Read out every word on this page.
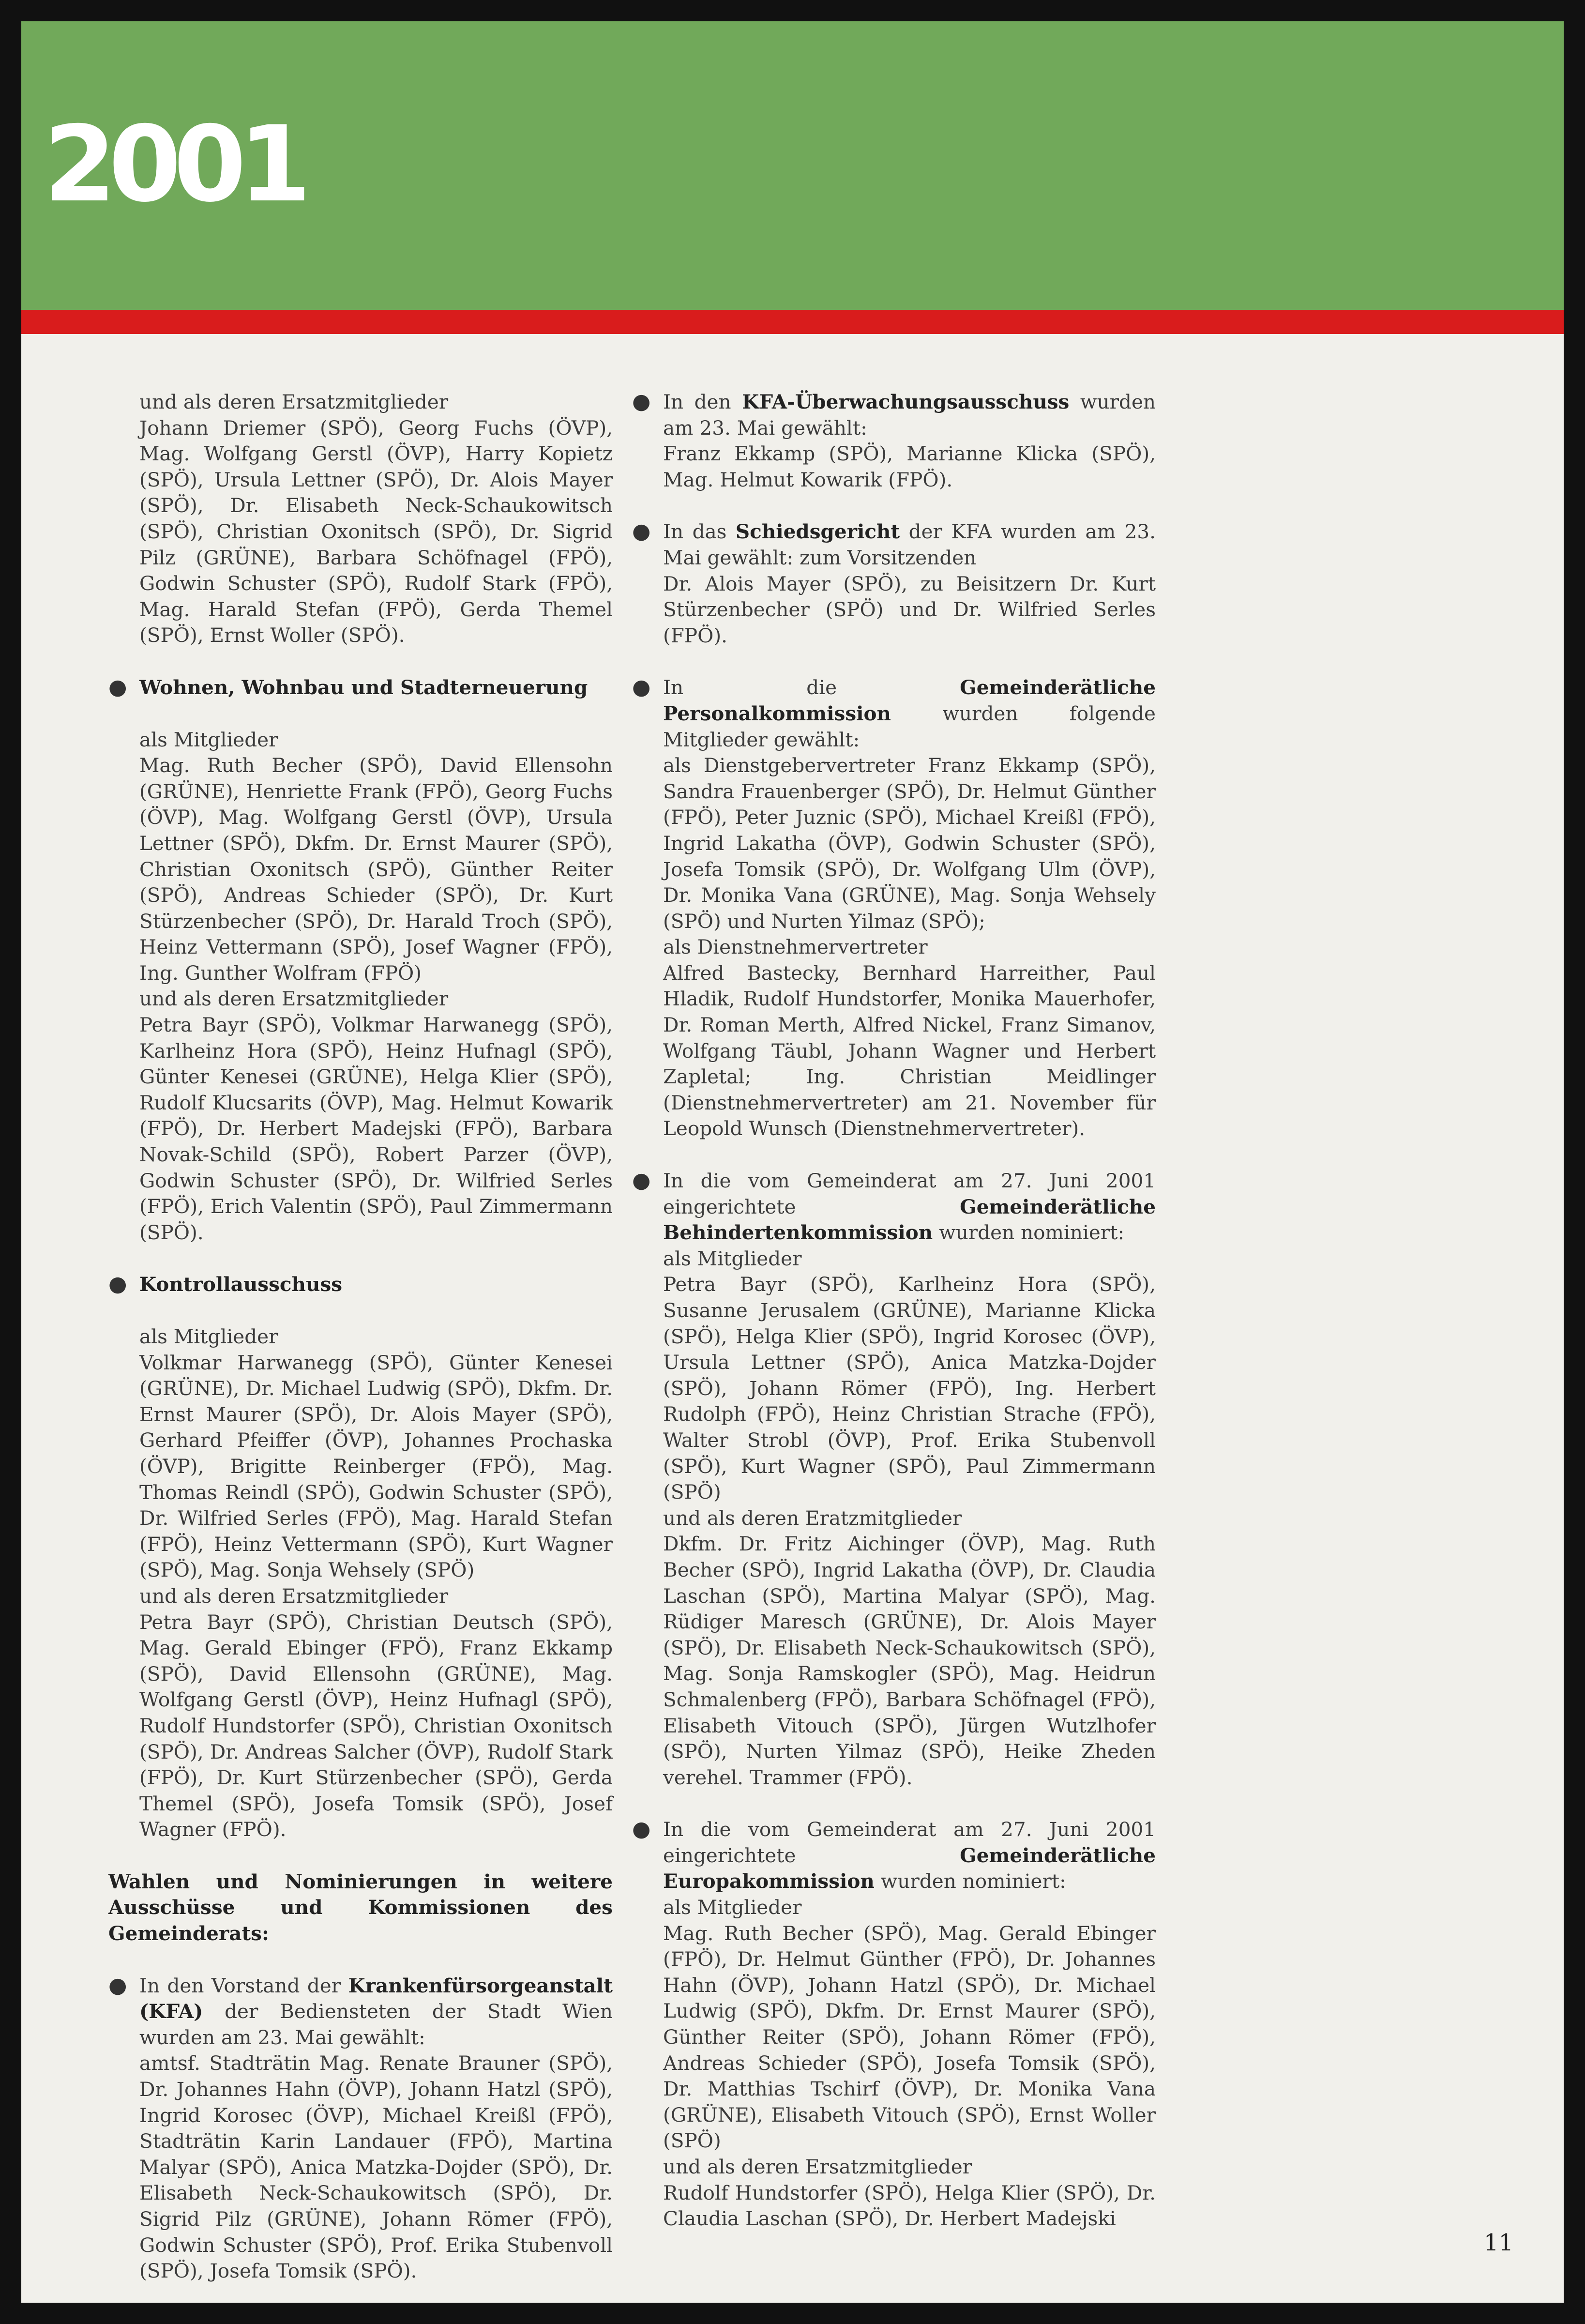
2001
und als deren Ersatzmitglieder
Johann Driemer (SPÖ), Georg Fuchs (ÖVP), Mag. Wolfgang Gerstl (ÖVP), Harry Kopietz (SPÖ), Ursula Lettner (SPÖ), Dr. Alois Mayer (SPÖ), Dr. Elisabeth Neck-Schaukowitsch (SPÖ), Christian Oxonitsch (SPÖ), Dr. Sigrid Pilz (GRÜNE), Barbara Schöfnagel (FPÖ), Godwin Schuster (SPÖ), Rudolf Stark (FPÖ), Mag. Harald Stefan (FPÖ), Gerda Themel (SPÖ), Ernst Woller (SPÖ).
● Wohnen, Wohnbau und Stadterneuerung
als Mitglieder
Mag. Ruth Becher (SPÖ), David Ellensohn (GRÜNE), Henriette Frank (FPÖ), Georg Fuchs (ÖVP), Mag. Wolfgang Gerstl (ÖVP), Ursula Lettner (SPÖ), Dkfm. Dr. Ernst Maurer (SPÖ), Christian Oxonitsch (SPÖ), Günther Reiter (SPÖ), Andreas Schieder (SPÖ), Dr. Kurt Stürzenbecher (SPÖ), Dr. Harald Troch (SPÖ), Heinz Vettermann (SPÖ), Josef Wagner (FPÖ), Ing. Gunther Wolfram (FPÖ)
und als deren Ersatzmitglieder
Petra Bayr (SPÖ), Volkmar Harwanegg (SPÖ), Karlheinz Hora (SPÖ), Heinz Hufnagl (SPÖ), Günter Kenesei (GRÜNE), Helga Klier (SPÖ), Rudolf Klucsarits (ÖVP), Mag. Helmut Kowarik (FPÖ), Dr. Herbert Madejski (FPÖ), Barbara Novak-Schild (SPÖ), Robert Parzer (ÖVP), Godwin Schuster (SPÖ), Dr. Wilfried Serles (FPÖ), Erich Valentin (SPÖ), Paul Zimmermann (SPÖ).
● Kontrollausschuss
als Mitglieder
Volkmar Harwanegg (SPÖ), Günter Kenesei (GRÜNE), Dr. Michael Ludwig (SPÖ), Dkfm. Dr. Ernst Maurer (SPÖ), Dr. Alois Mayer (SPÖ), Gerhard Pfeiffer (ÖVP), Johannes Prochaska (ÖVP), Brigitte Reinberger (FPÖ), Mag. Thomas Reindl (SPÖ), Godwin Schuster (SPÖ), Dr. Wilfried Serles (FPÖ), Mag. Harald Stefan (FPÖ), Heinz Vettermann (SPÖ), Kurt Wagner (SPÖ), Mag. Sonja Wehsely (SPÖ)
und als deren Ersatzmitglieder
Petra Bayr (SPÖ), Christian Deutsch (SPÖ), Mag. Gerald Ebinger (FPÖ), Franz Ekkamp (SPÖ), David Ellensohn (GRÜNE), Mag. Wolfgang Gerstl (ÖVP), Heinz Hufnagl (SPÖ), Rudolf Hundstorfer (SPÖ), Christian Oxonitsch (SPÖ), Dr. Andreas Salcher (ÖVP), Rudolf Stark (FPÖ), Dr. Kurt Stürzenbecher (SPÖ), Gerda Themel (SPÖ), Josefa Tomsik (SPÖ), Josef Wagner (FPÖ).
Wahlen und Nominierungen in weitere Ausschüsse und Kommissionen des Gemeinderats:
● In den Vorstand der Krankenfürsorgeanstalt (KFA) der Bediensteten der Stadt Wien wurden am 23. Mai gewählt:
amtsf. Stadträtin Mag. Renate Brauner (SPÖ), Dr. Johannes Hahn (ÖVP), Johann Hatzl (SPÖ), Ingrid Korosec (ÖVP), Michael Kreißl (FPÖ), Stadträtin Karin Landauer (FPÖ), Martina Malyar (SPÖ), Anica Matzka-Dojder (SPÖ), Dr. Elisabeth Neck-Schaukowitsch (SPÖ), Dr. Sigrid Pilz (GRÜNE), Johann Römer (FPÖ), Godwin Schuster (SPÖ), Prof. Erika Stubenvoll (SPÖ), Josefa Tomsik (SPÖ).
● In den KFA-Überwachungsausschuss wurden am 23. Mai gewählt:
Franz Ekkamp (SPÖ), Marianne Klicka (SPÖ), Mag. Helmut Kowarik (FPÖ).
● In das Schiedsgericht der KFA wurden am 23. Mai gewählt: zum Vorsitzenden
Dr. Alois Mayer (SPÖ), zu Beisitzern Dr. Kurt Stürzenbecher (SPÖ) und Dr. Wilfried Serles (FPÖ).
● In die Gemeinderätliche Personalkommission wurden folgende Mitglieder gewählt:
als Dienstgebervertreter Franz Ekkamp (SPÖ), Sandra Frauenberger (SPÖ), Dr. Helmut Günther (FPÖ), Peter Juznic (SPÖ), Michael Kreißl (FPÖ), Ingrid Lakatha (ÖVP), Godwin Schuster (SPÖ), Josefa Tomsik (SPÖ), Dr. Wolfgang Ulm (ÖVP), Dr. Monika Vana (GRÜNE), Mag. Sonja Wehsely (SPÖ) und Nurten Yilmaz (SPÖ);
als Dienstnehmervertreter
Alfred Bastecky, Bernhard Harreither, Paul Hladik, Rudolf Hundstorfer, Monika Mauerhofer, Dr. Roman Merth, Alfred Nickel, Franz Simanov, Wolfgang Täubl, Johann Wagner und Herbert Zapletal; Ing. Christian Meidlinger (Dienstnehmervertreter) am 21. November für Leopold Wunsch (Dienstnehmervertreter).
● In die vom Gemeinderat am 27. Juni 2001 eingerichtete Gemeinderätliche Behindertenkommission wurden nominiert:
als Mitglieder
Petra Bayr (SPÖ), Karlheinz Hora (SPÖ), Susanne Jerusalem (GRÜNE), Marianne Klicka (SPÖ), Helga Klier (SPÖ), Ingrid Korosec (ÖVP), Ursula Lettner (SPÖ), Anica Matzka-Dojder (SPÖ), Johann Römer (FPÖ), Ing. Herbert Rudolph (FPÖ), Heinz Christian Strache (FPÖ), Walter Strobl (ÖVP), Prof. Erika Stubenvoll (SPÖ), Kurt Wagner (SPÖ), Paul Zimmermann (SPÖ)
und als deren Eratzmitglieder
Dkfm. Dr. Fritz Aichinger (ÖVP), Mag. Ruth Becher (SPÖ), Ingrid Lakatha (ÖVP), Dr. Claudia Laschan (SPÖ), Martina Malyar (SPÖ), Mag. Rüdiger Maresch (GRÜNE), Dr. Alois Mayer (SPÖ), Dr. Elisabeth Neck-Schaukowitsch (SPÖ), Mag. Sonja Ramskogler (SPÖ), Mag. Heidrun Schmalenberg (FPÖ), Barbara Schöfnagel (FPÖ), Elisabeth Vitouch (SPÖ), Jürgen Wutzlhofer (SPÖ), Nurten Yilmaz (SPÖ), Heike Zheden verehel. Trammer (FPÖ).
● In die vom Gemeinderat am 27. Juni 2001 eingerichtete Gemeinderätliche Europakommission wurden nominiert:
als Mitglieder
Mag. Ruth Becher (SPÖ), Mag. Gerald Ebinger (FPÖ), Dr. Helmut Günther (FPÖ), Dr. Johannes Hahn (ÖVP), Johann Hatzl (SPÖ), Dr. Michael Ludwig (SPÖ), Dkfm. Dr. Ernst Maurer (SPÖ), Günther Reiter (SPÖ), Johann Römer (FPÖ), Andreas Schieder (SPÖ), Josefa Tomsik (SPÖ), Dr. Matthias Tschirf (ÖVP), Dr. Monika Vana (GRÜNE), Elisabeth Vitouch (SPÖ), Ernst Woller (SPÖ)
und als deren Ersatzmitglieder
Rudolf Hundstorfer (SPÖ), Helga Klier (SPÖ), Dr. Claudia Laschan (SPÖ), Dr. Herbert Madejski
11
